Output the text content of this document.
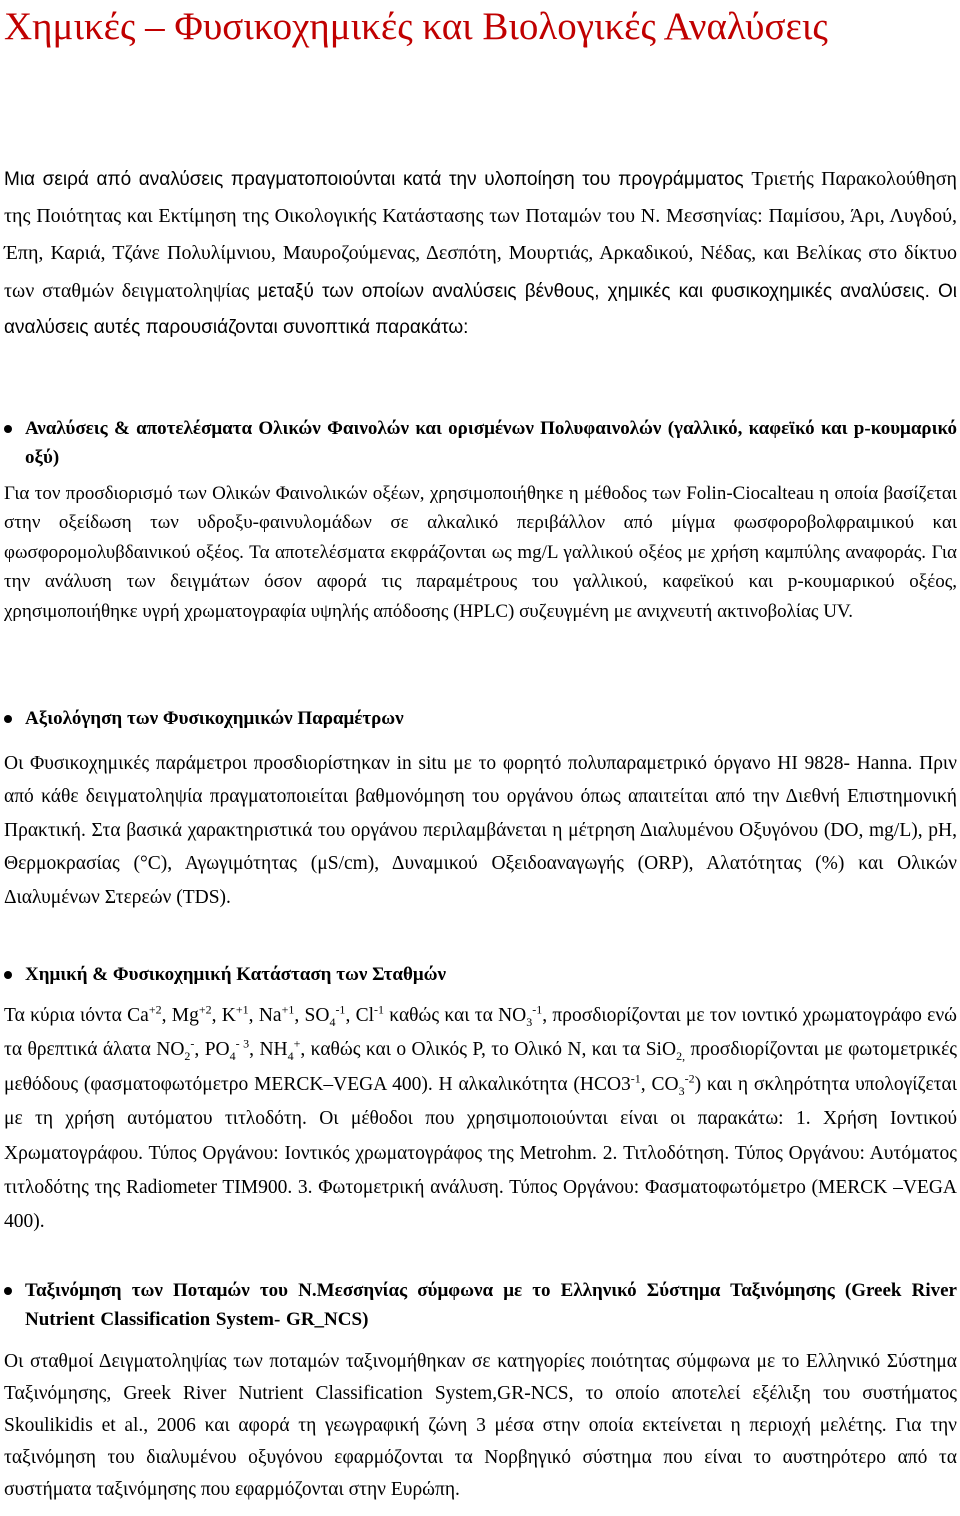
Χημικές – Φυσικοχημικές και Βιολογικές Αναλύσεις

Μια σειρά από αναλύσεις πραγματοποιούνται κατά την υλοποίηση του προγράμματος Τριετής Παρακολούθηση της Ποιότητας και Εκτίμηση της Οικολογικής Κατάστασης των Ποταμών του Ν. Μεσσηνίας: Παμίσου, Άρι, Λυγδού, Έπη, Καριά, Τζάνε Πολυλίμνιου, Μαυροζούμενας, Δεσπότη, Μουρτιάς, Αρκαδικού, Νέδας, και Βελίκας στο δίκτυο των σταθμών δειγματοληψίας μεταξύ των οποίων αναλύσεις βένθους, χημικές και φυσικοχημικές αναλύσεις. Οι αναλύσεις αυτές παρουσιάζονται συνοπτικά παρακάτω:

Αναλύσεις & αποτελέσματα Ολικών Φαινολών και ορισμένων Πολυφαινολών (γαλλικό, καφεϊκό και p-κουμαρικό οξύ)

Για τον προσδιορισμό των Ολικών Φαινολικών οξέων, χρησιμοποιήθηκε η μέθοδος των Folin-Ciocalteau η οποία βασίζεται στην οξείδωση των υδροξυ-φαινυλομάδων σε αλκαλικό περιβάλλον από μίγμα φωσφοροβολφραιμικού και φωσφορομολυβδαινικού οξέος. Τα αποτελέσματα εκφράζονται ως mg/L γαλλικού οξέος με χρήση καμπύλης αναφοράς. Για την ανάλυση των δειγμάτων όσον αφορά τις παραμέτρους του γαλλικού, καφεϊκού και p-κουμαρικού οξέος, χρησιμοποιήθηκε υγρή χρωματογραφία υψηλής απόδοσης (HPLC) συζευγμένη με ανιχνευτή ακτινοβολίας UV.

Αξιολόγηση των Φυσικοχημικών Παραμέτρων

Οι Φυσικοχημικές παράμετροι προσδιορίστηκαν in situ με το φορητό πολυπαραμετρικό όργανο HI 9828- Hanna. Πριν από κάθε δειγματοληψία πραγματοποιείται βαθμονόμηση του οργάνου όπως απαιτείται από την Διεθνή Επιστημονική Πρακτική. Στα βασικά χαρακτηριστικά του οργάνου περιλαμβάνεται η μέτρηση Διαλυμένου Οξυγόνου (DO, mg/L), pH, Θερμοκρασίας (°C), Αγωγιμότητας (μS/cm), Δυναμικού Οξειδοαναγωγής (ORP), Αλατότητας (%) και Ολικών Διαλυμένων Στερεών (TDS).

Χημική & Φυσικοχημική Κατάσταση των Σταθμών

Τα κύρια ιόντα $Ca^{+2}$, $Mg^{+2}$, $K^{+1}$, $Na^{+1}$, $SO_4^{-1}$, $Cl^{-1}$ καθώς και τα $NO_3^{-1}$, προσδιορίζονται με τον ιοντικό χρωματογράφο ενώ τα θρεπτικά άλατα $NO_2^-$, $PO_4^{- 3}$, $NH_4^+$, καθώς και ο Ολικός P, το Ολικό N, και τα SiO$_{2,}$ προσδιορίζονται με φωτομετρικές μεθόδους (φασματοφωτόμετρο MERCK–VEGA 400). Η αλκαλικότητα ($HCO3^{-1}$, $CO_3^{-2}$) και η σκληρότητα υπολογίζεται με τη χρήση αυτόματου τιτλοδότη. Οι μέθοδοι που χρησιμοποιούνται είναι οι παρακάτω: 1. Χρήση Ιοντικού Χρωματογράφου. Τύπος Οργάνου: Ιοντικός χρωματογράφος της Metrohm. 2. Τιτλοδότηση. Τύπος Οργάνου: Αυτόματος τιτλοδότης της Radiometer TIM900. 3. Φωτομετρική ανάλυση. Τύπος Οργάνου: Φασματοφωτόμετρο (MERCK –VEGA 400).

Ταξινόμηση των Ποταμών του Ν.Μεσσηνίας σύμφωνα με το Ελληνικό Σύστημα Ταξινόμησης (Greek River Nutrient Classification System- GR_NCS)

Οι σταθμοί Δειγματοληψίας των ποταμών ταξινομήθηκαν σε κατηγορίες ποιότητας σύμφωνα με το Ελληνικό Σύστημα Ταξινόμησης, Greek River Nutrient Classification System,GR-NCS, το οποίο αποτελεί εξέλιξη του συστήματος Skoulikidis et al., 2006 και αφορά τη γεωγραφική ζώνη 3 μέσα στην οποία εκτείνεται η περιοχή μελέτης. Για την ταξινόμηση του διαλυμένου οξυγόνου εφαρμόζονται τα Νορβηγικό σύστημα που είναι το αυστηρότερο από τα συστήματα ταξινόμησης που εφαρμόζονται στην Ευρώπη.
